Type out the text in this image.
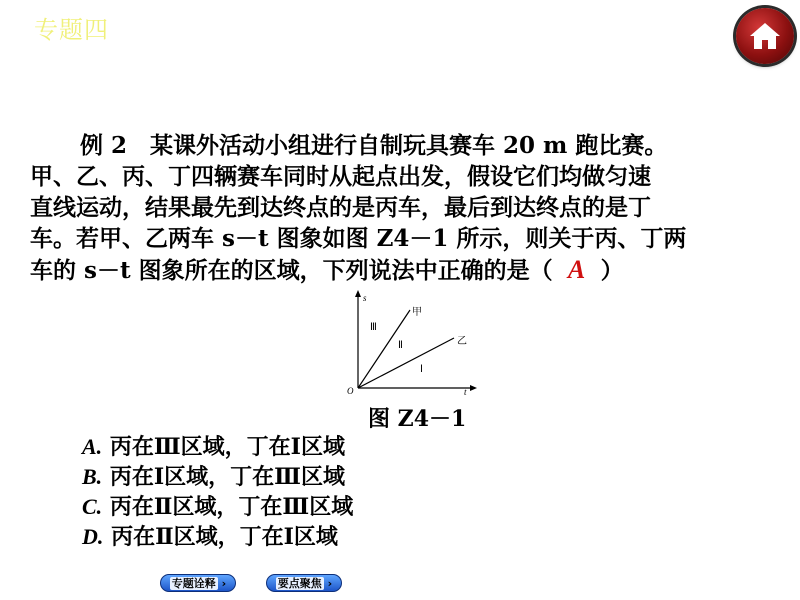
专题四

例 2　某课外活动小组进行自制玩具赛车 20 m 跑比赛。

甲、乙、丙、丁四辆赛车同时从起点出发，假设它们均做匀速

直线运动，结果最先到达终点的是丙车，最后到达终点的是丁

车。若甲、乙两车 s－t 图象如图 Z4－1 所示，则关于丙、丁两

车的 s－t 图象所在的区域，下列说法中正确的是（ A ）

s
t
O
甲
乙
Ⅲ
Ⅱ
Ⅰ
图 Z4－1
A. 丙在Ⅲ区域，丁在Ⅰ区域
B. 丙在Ⅰ区域，丁在Ⅲ区域
C. 丙在Ⅱ区域，丁在Ⅲ区域
D. 丙在Ⅱ区域，丁在Ⅰ区域
专题诠释 ›	要点聚焦 ›
